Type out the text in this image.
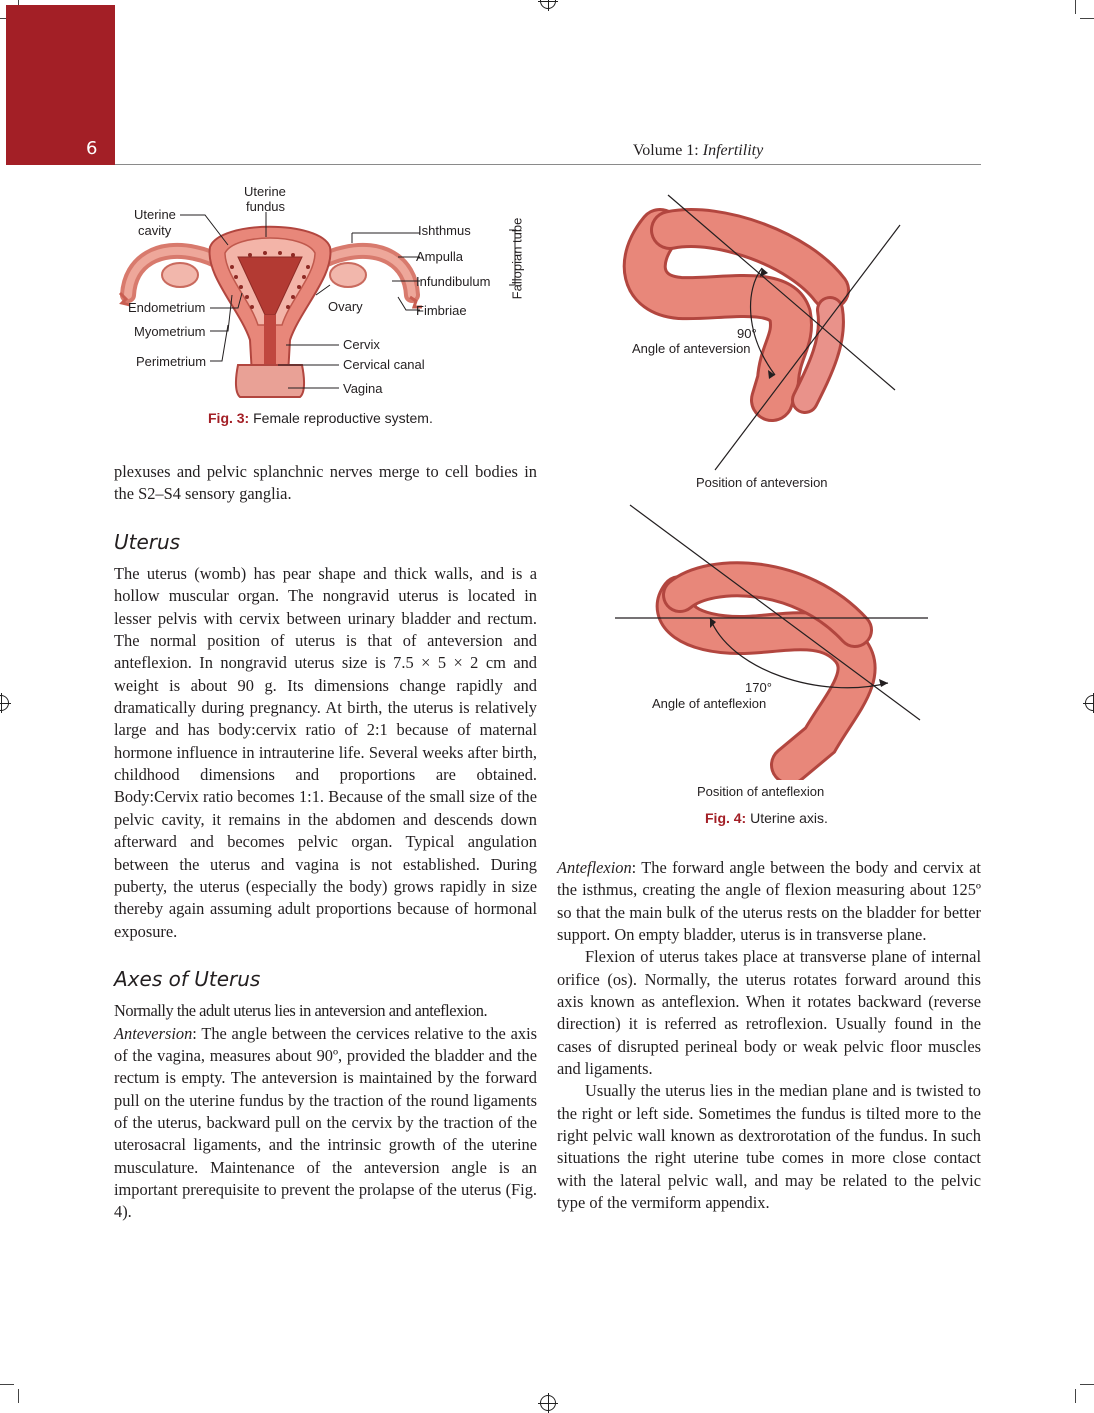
6	Volume 1: Infertility
Uterine
fundus
Uterine
cavity	Ishthmus
Ampulla
Infundibulum
Fimbriae
Fallopian tube
Endometrium
Myometrium
Perimetrium
Ovary
Cervix
Cervical canal
Vagina
Fig. 3: Female reproductive system.
90°
Angle of anteversion
Position of anteversion
170°
Angle of anteflexion
Position of anteflexion
Fig. 4: Uterine axis.

plexuses and pelvic splanchnic nerves merge to cell bodies in the S2–S4 sensory ganglia.

Uterus

The uterus (womb) has pear shape and thick walls, and is a hollow muscular organ. The nongravid uterus is located in lesser pelvis with cervix between urinary bladder and rectum. The normal position of uterus is that of anteversion and anteflexion. In nongravid uterus size is 7.5 × 5 × 2 cm and weight is about 90 g. Its dimensions change rapidly and dramatically during pregnancy. At birth, the uterus is relatively large and has body:cervix ratio of 2:1 because of maternal hormone influence in intrauterine life. Several weeks after birth, childhood dimensions and proportions are obtained. Body:Cervix ratio becomes 1:1. Because of the small size of the pelvic cavity, it remains in the abdomen and descends down afterward and becomes pelvic organ. Typical angulation between the uterus and vagina is not established. During puberty, the uterus (especially the body) grows rapidly in size thereby again assuming adult proportions because of hormonal exposure.

Axes of Uterus

Normally the adult uterus lies in anteversion and anteflexion.

Anteversion: The angle between the cervices relative to the axis of the vagina, measures about 90º, provided the bladder and the rectum is empty. The anteversion is maintained by the forward pull on the uterine fundus by the traction of the round ligaments of the uterus, backward pull on the cervix by the traction of the uterosacral ligaments, and the intrinsic growth of the uterine musculature. Maintenance of the anteversion angle is an important prerequisite to prevent the prolapse of the uterus (Fig. 4).

Anteflexion: The forward angle between the body and cervix at the isthmus, creating the angle of flexion measuring about 125º so that the main bulk of the uterus rests on the bladder for better support. On empty bladder, uterus is in transverse plane.

Flexion of uterus takes place at transverse plane of internal orifice (os). Normally, the uterus rotates forward around this axis known as anteflexion. When it rotates backward (reverse direction) it is referred as retroflexion. Usually found in the cases of disrupted perineal body or weak pelvic floor muscles and ligaments.

Usually the uterus lies in the median plane and is twisted to the right or left side. Sometimes the fundus is tilted more to the right pelvic wall known as dextrorotation of the fundus. In such situations the right uterine tube comes in more close contact with the lateral pelvic wall, and may be related to the pelvic type of the vermiform appendix.
